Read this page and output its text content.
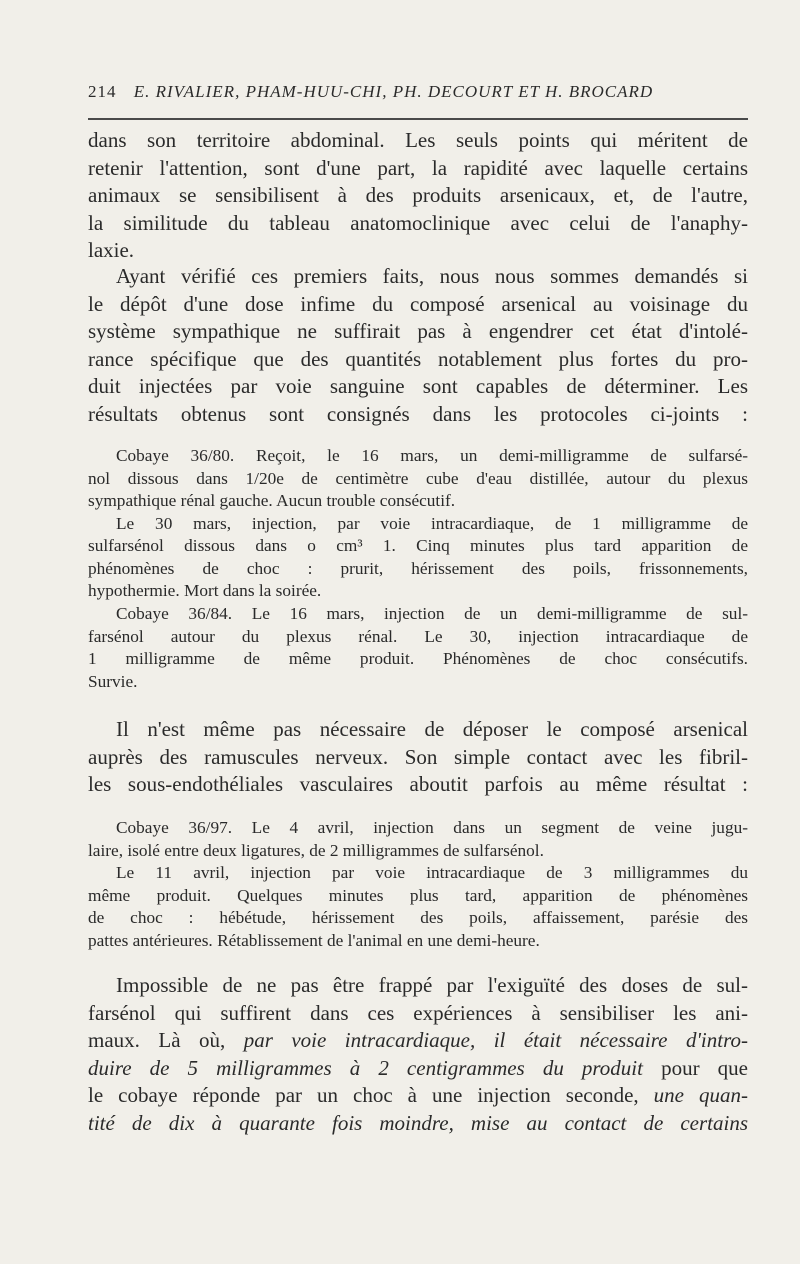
214 E. RIVALIER, PHAM-HUU-CHI, PH. DECOURT ET H. BROCARD
dans son territoire abdominal. Les seuls points qui méritent de
retenir l'attention, sont d'une part, la rapidité avec laquelle certains
animaux se sensibilisent à des produits arsenicaux, et, de l'autre,
la similitude du tableau anatomoclinique avec celui de l'anaphy-
laxie.
Ayant vérifié ces premiers faits, nous nous sommes demandés si
le dépôt d'une dose infime du composé arsenical au voisinage du
système sympathique ne suffirait pas à engendrer cet état d'intolé-
rance spécifique que des quantités notablement plus fortes du pro-
duit injectées par voie sanguine sont capables de déterminer. Les
résultats obtenus sont consignés dans les protocoles ci-joints :
Cobaye 36/80. Reçoit, le 16 mars, un demi-milligramme de sulfarsé-
nol dissous dans 1/20e de centimètre cube d'eau distillée, autour du plexus
sympathique rénal gauche. Aucun trouble consécutif.
Le 30 mars, injection, par voie intracardiaque, de 1 milligramme de
sulfarsénol dissous dans o cm³ 1. Cinq minutes plus tard apparition de
phénomènes de choc : prurit, hérissement des poils, frissonnements,
hypothermie. Mort dans la soirée.
Cobaye 36/84. Le 16 mars, injection de un demi-milligramme de sul-
farsénol autour du plexus rénal. Le 30, injection intracardiaque de
1 milligramme de même produit. Phénomènes de choc consécutifs.
Survie.
Il n'est même pas nécessaire de déposer le composé arsenical
auprès des ramuscules nerveux. Son simple contact avec les fibril-
les sous-endothéliales vasculaires aboutit parfois au même résultat :
Cobaye 36/97. Le 4 avril, injection dans un segment de veine jugu-
laire, isolé entre deux ligatures, de 2 milligrammes de sulfarsénol.
Le 11 avril, injection par voie intracardiaque de 3 milligrammes du
même produit. Quelques minutes plus tard, apparition de phénomènes
de choc : hébétude, hérissement des poils, affaissement, parésie des
pattes antérieures. Rétablissement de l'animal en une demi-heure.
Impossible de ne pas être frappé par l'exiguïté des doses de sul-
farsénol qui suffirent dans ces expériences à sensibiliser les ani-
maux. Là où, par voie intracardiaque, il était nécessaire d'intro-
duire de 5 milligrammes à 2 centigrammes du produit pour que
le cobaye réponde par un choc à une injection seconde, une quan-
tité de dix à quarante fois moindre, mise au contact de certains
